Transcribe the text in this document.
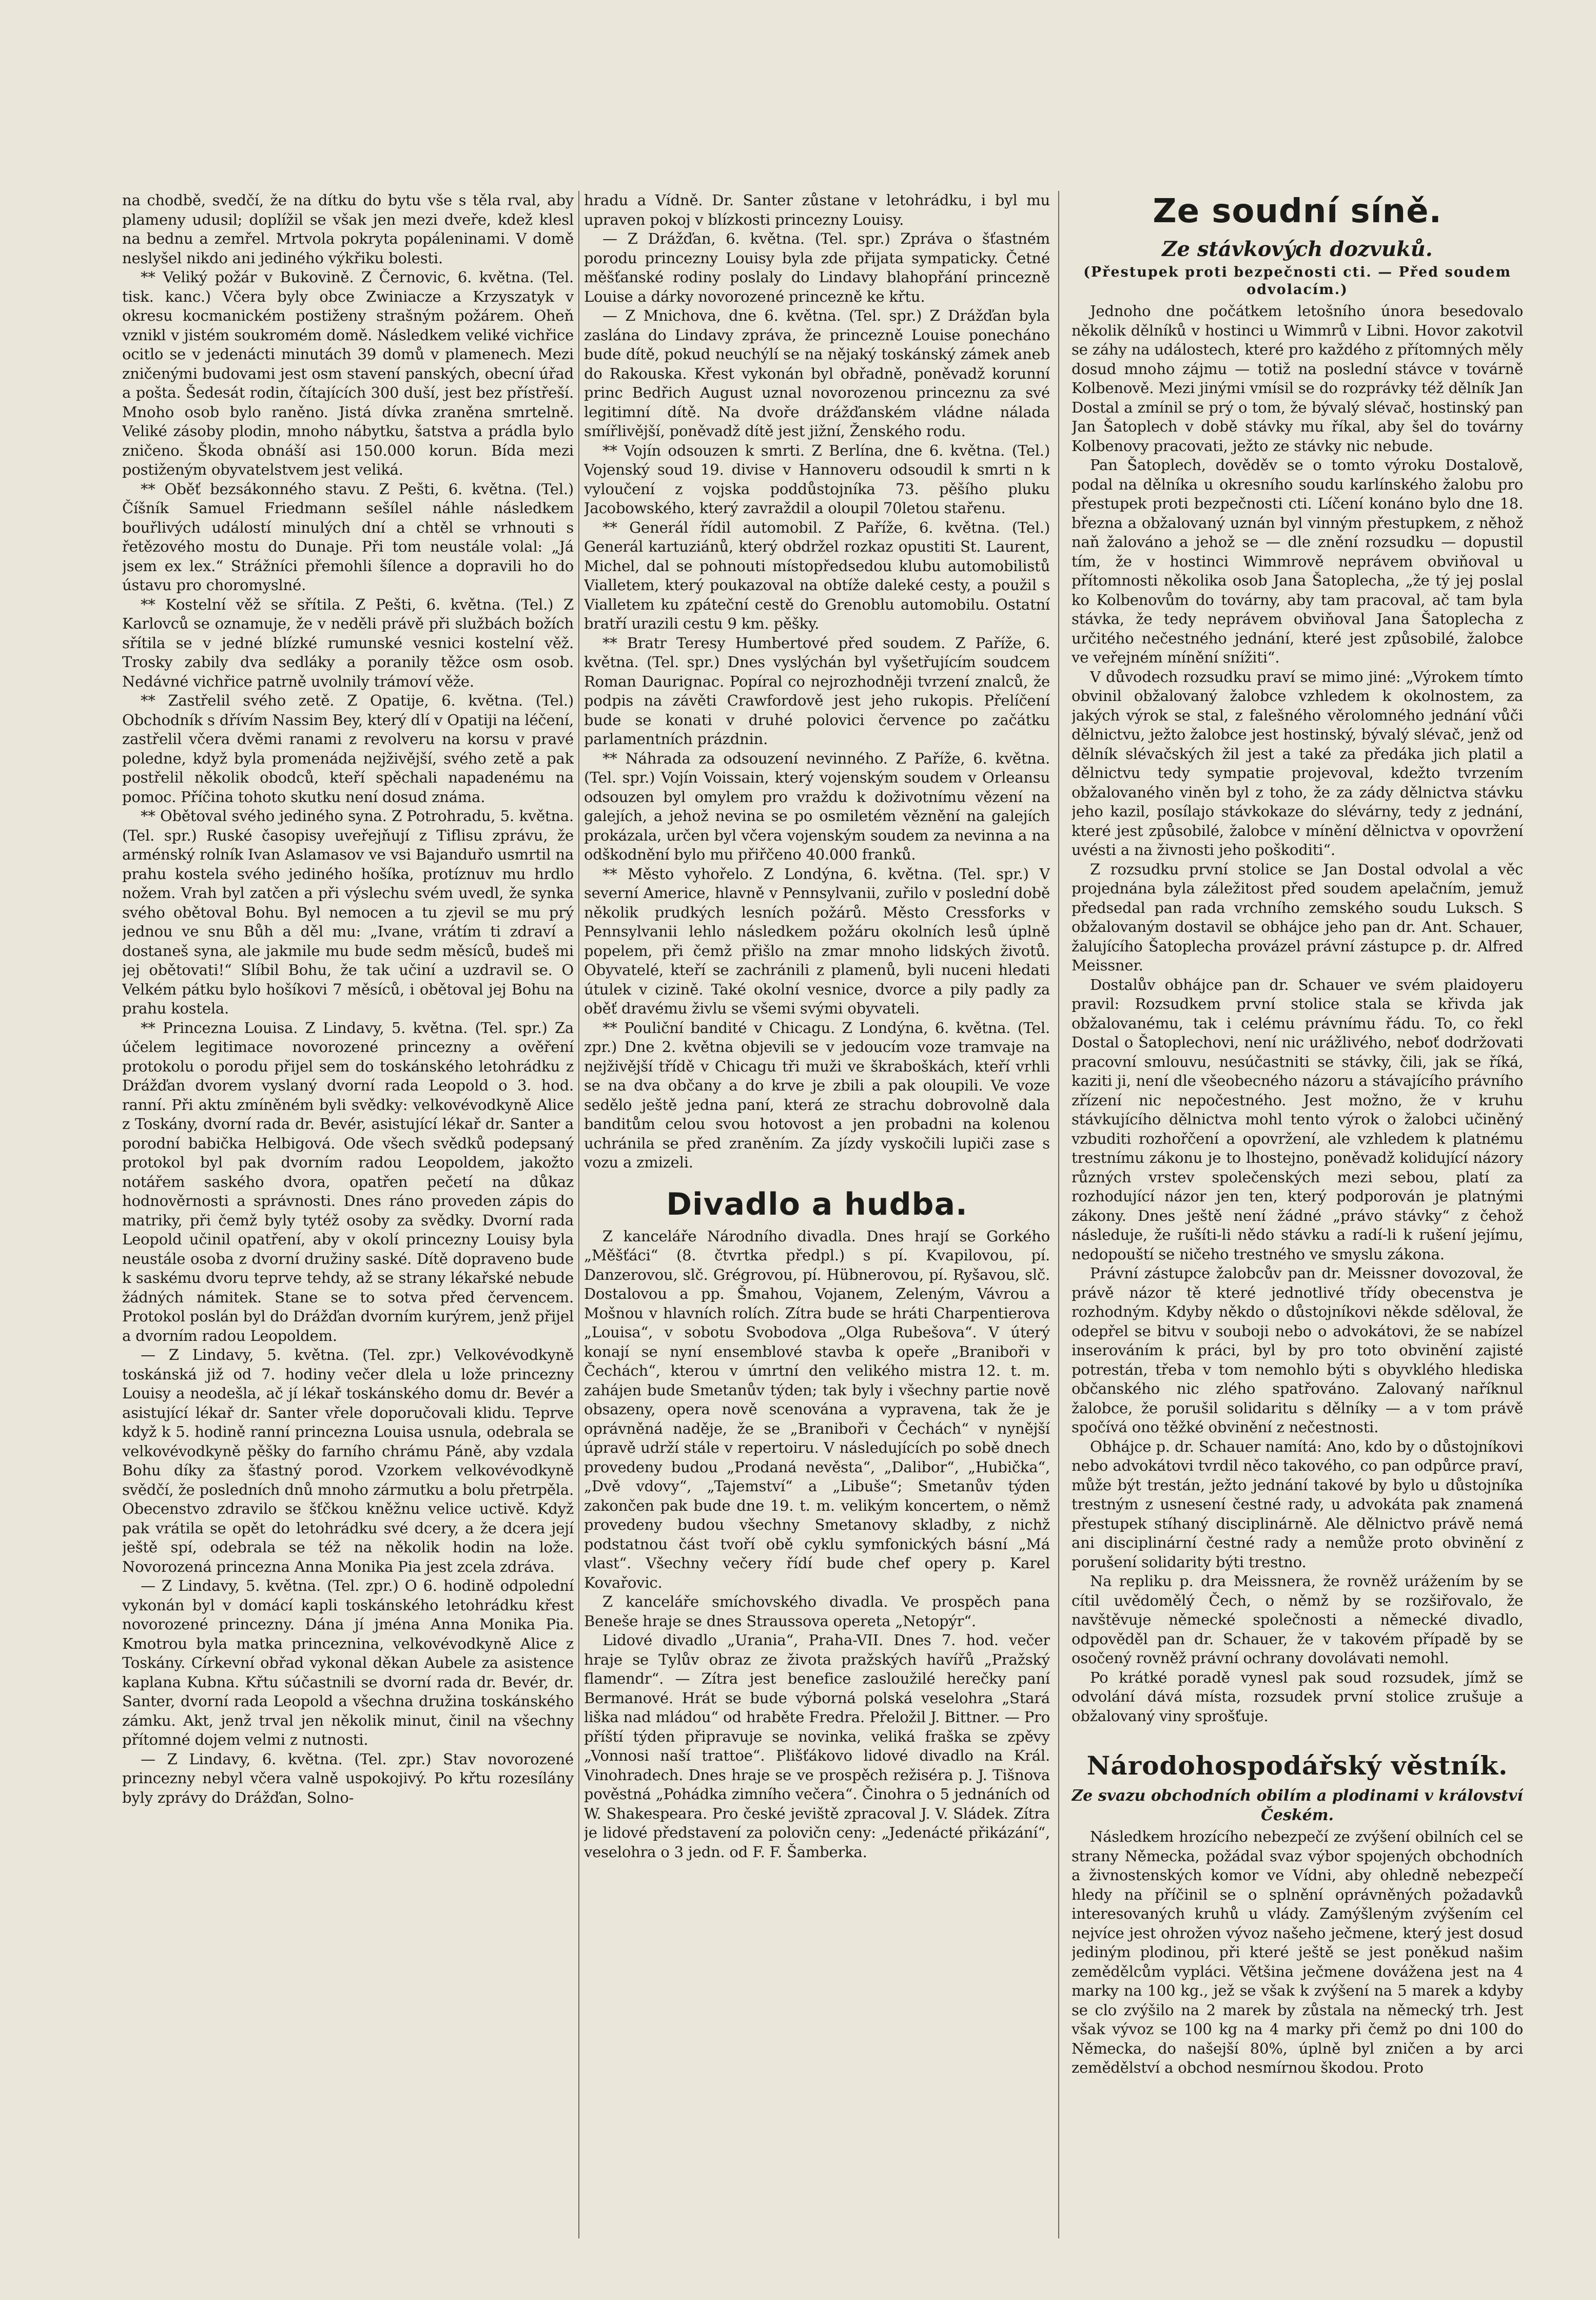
na chodbě, svedčí, že na dítku do bytu vše s těla rval, aby plameny udusil; doplížil se však jen mezi dveře, kdež klesl na bednu a zemřel. Mrtvola pokryta popáleninami. V domě neslyšel nikdo ani jediného výkřiku bolesti.

** Veliký požár v Bukovině. Z Černovic, 6. května. (Tel. tisk. kanc.) Včera byly obce Zwiniacze a Krzyszatyk v okresu kocmanickém postiženy strašným požárem. Oheň vznikl v jistém soukromém domě. Následkem veliké vichřice ocitlo se v jedenácti minutách 39 domů v plamenech. Mezi zničenými budovami jest osm stavení panských, obecní úřad a pošta. Šedesát rodin, čítajících 300 duší, jest bez přístřeší. Mnoho osob bylo raněno. Jistá dívka zraněna smrtelně. Veliké zásoby plodin, mnoho nábytku, šatstva a prádla bylo zničeno. Škoda obnáší asi 150.000 korun. Bída mezi postiženým obyvatelstvem jest veliká.

** Oběť bezsákonného stavu. Z Pešti, 6. května. (Tel.) Číšník Samuel Friedmann sešílel náhle následkem bouřlivých událostí minulých dní a chtěl se vrhnouti s řetězového mostu do Dunaje. Při tom neustále volal: „Já jsem ex lex.“ Strážníci přemohli šílence a dopravili ho do ústavu pro choromyslné.

** Kostelní věž se sřítila. Z Pešti, 6. května. (Tel.) Z Karlovců se oznamuje, že v neděli právě při službách božích sřítila se v jedné blízké rumunské vesnici kostelní věž. Trosky zabily dva sedláky a poranily těžce osm osob. Nedávné vichřice patrně uvolnily trámoví věže.

** Zastřelil svého zetě. Z Opatije, 6. května. (Tel.) Obchodník s dřívím Nassim Bey, který dlí v Opatiji na léčení, zastřelil včera dvěmi ranami z revolveru na korsu v pravé poledne, když byla promenáda nejživější, svého zetě a pak postřelil několik obodců, kteří spěchali napadenému na pomoc. Příčina tohoto skutku není dosud známa.

** Obětoval svého jediného syna. Z Potrohradu, 5. května. (Tel. spr.) Ruské časopisy uveřejňují z Tiflisu zprávu, že arménský rolník Ivan Aslamasov ve vsi Bajanduřo usmrtil na prahu kostela svého jediného hošíka, protíznuv mu hrdlo nožem. Vrah byl zatčen a při výslechu svém uvedl, že synka svého obětoval Bohu. Byl nemocen a tu zjevil se mu prý jednou ve snu Bůh a děl mu: „Ivane, vrátím ti zdraví a dostaneš syna, ale jakmile mu bude sedm měsíců, budeš mi jej obětovati!“ Slíbil Bohu, že tak učiní a uzdravil se. O Velkém pátku bylo hošíkovi 7 měsíců, i obětoval jej Bohu na prahu kostela.

** Princezna Louisa. Z Lindavy, 5. května. (Tel. spr.) Za účelem legitimace novorozené princezny a ověření protokolu o porodu přijel sem do toskánského letohrádku z Drážďan dvorem vyslaný dvorní rada Leopold o 3. hod. ranní. Při aktu zmíněném byli svědky: velkovévodkyně Alice z Toskány, dvorní rada dr. Bevér, asistující lékař dr. Santer a porodní babička Helbigová. Ode všech svědků podepsaný protokol byl pak dvorním radou Leopoldem, jakožto notářem saského dvora, opatřen pečetí na důkaz hodnověrnosti a správnosti. Dnes ráno proveden zápis do matriky, při čemž byly tytéž osoby za svědky. Dvorní rada Leopold učinil opatření, aby v okolí princezny Louisy byla neustále osoba z dvorní družiny saské. Dítě dopraveno bude k saskému dvoru teprve tehdy, až se strany lékařské nebude žádných námitek. Stane se to sotva před červencem. Protokol poslán byl do Drážďan dvorním kurýrem, jenž přijel a dvorním radou Leopoldem.

— Z Lindavy, 5. května. (Tel. zpr.) Velkovévodkyně toskánská již od 7. hodiny večer dlela u lože princezny Louisy a neodešla, ač jí lékař toskánského domu dr. Bevér a asistující lékař dr. Santer vřele doporučovali klidu. Teprve když k 5. hodině ranní princezna Louisa usnula, odebrala se velkovévodkyně pěšky do farního chrámu Páně, aby vzdala Bohu díky za šťastný porod. Vzorkem velkovévodkyně svědčí, že posledních dnů mnoho zármutku a bolu přetrpěla. Obecenstvo zdravilo se šťčkou kněžnu velice uctivě. Když pak vrátila se opět do letohrádku své dcery, a že dcera její ještě spí, odebrala se též na několik hodin na lože. Novorozená princezna Anna Monika Pia jest zcela zdráva.

— Z Lindavy, 5. května. (Tel. zpr.) O 6. hodině odpolední vykonán byl v domácí kapli toskánského letohrádku křest novorozené princezny. Dána jí jména Anna Monika Pia. Kmotrou byla matka princeznina, velkovévodkyně Alice z Toskány. Církevní obřad vykonal děkan Aubele za asistence kaplana Kubna. Křtu súčastnili se dvorní rada dr. Bevér, dr. Santer, dvorní rada Leopold a všechna družina toskánského zámku. Akt, jenž trval jen několik minut, činil na všechny přítomné dojem velmi z nutnosti.

— Z Lindavy, 6. května. (Tel. zpr.) Stav novorozené princezny nebyl včera valně uspokojivý. Po křtu rozesílány byly zprávy do Drážďan, Solno-

hradu a Vídně. Dr. Santer zůstane v letohrádku, i byl mu upraven pokoj v blízkosti princezny Louisy.

— Z Drážďan, 6. května. (Tel. spr.) Zpráva o šťastném porodu princezny Louisy byla zde přijata sympaticky. Četné měšťanské rodiny poslaly do Lindavy blahopřání princezně Louise a dárky novorozené princezně ke křtu.

— Z Mnichova, dne 6. května. (Tel. spr.) Z Drážďan byla zaslána do Lindavy zpráva, že princezně Louise ponecháno bude dítě, pokud neuchýlí se na nějaký toskánský zámek aneb do Rakouska. Křest vykonán byl obřadně, poněvadž korunní princ Bedřich August uznal novorozenou princeznu za své legitimní dítě. Na dvoře drážďanském vládne nálada smířlivější, poněvadž dítě jest jižní, Ženského rodu.

** Vojín odsouzen k smrti. Z Berlína, dne 6. května. (Tel.) Vojenský soud 19. divise v Hannoveru odsoudil k smrti n k vyloučení z vojska poddůstojníka 73. pěšího pluku Jacobowského, který zavraždil a oloupil 70letou stařenu.

** Generál řídil automobil. Z Paříže, 6. května. (Tel.) Generál kartuziánů, který obdržel rozkaz opustiti St. Laurent, Michel, dal se pohnouti místopředsedou klubu automobilistů Vialletem, který poukazoval na obtíže daleké cesty, a použil s Vialletem ku zpáteční cestě do Grenoblu automobilu. Ostatní bratří urazili cestu 9 km. pěšky.

** Bratr Teresy Humbertové před soudem. Z Paříže, 6. května. (Tel. spr.) Dnes vyslýchán byl vyšetřujícím soudcem Roman Daurignac. Popíral co nejrozhodněji tvrzení znalců, že podpis na závěti Crawfordově jest jeho rukopis. Přelíčení bude se konati v druhé polovici července po začátku parlamentních prázdnin.

** Náhrada za odsouzení nevinného. Z Paříže, 6. května. (Tel. spr.) Vojín Voissain, který vojenským soudem v Orleansu odsouzen byl omylem pro vraždu k doživotnímu vězení na galejích, a jehož nevina se po osmiletém věznění na galejích prokázala, určen byl včera vojenským soudem za nevinna a na odškodnění bylo mu přiřčeno 40.000 franků.

** Město vyhořelo. Z Londýna, 6. května. (Tel. spr.) V severní Americe, hlavně v Pennsylvanii, zuřilo v poslední době několik prudkých lesních požárů. Město Cressforks v Pennsylvanii lehlo následkem požáru okolních lesů úplně popelem, při čemž přišlo na zmar mnoho lidských životů. Obyvatelé, kteří se zachránili z plamenů, byli nuceni hledati útulek v cizině. Také okolní vesnice, dvorce a pily padly za oběť dravému živlu se všemi svými obyvateli.

** Pouliční bandité v Chicagu. Z Londýna, 6. května. (Tel. zpr.) Dne 2. května objevili se v jedoucím voze tramvaje na nejživější třídě v Chicagu tři muži ve škraboškách, kteří vrhli se na dva občany a do krve je zbili a pak oloupili. Ve voze sedělo ještě jedna paní, která ze strachu dobrovolně dala banditům celou svou hotovost a jen probadni na kolenou uchránila se před zraněním. Za jízdy vyskočili lupiči zase s vozu a zmizeli.

Divadlo a hudba.

Z kanceláře Národního divadla. Dnes hrají se Gorkého „Měšťáci“ (8. čtvrtka předpl.) s pí. Kvapilovou, pí. Danzerovou, slč. Grégrovou, pí. Hübnerovou, pí. Ryšavou, slč. Dostalovou a pp. Šmahou, Vojanem, Zeleným, Vávrou a Mošnou v hlavních rolích. Zítra bude se hráti Charpentierova „Louisa“, v sobotu Svobodova „Olga Rubešova“. V úterý konají se nyní ensemblové stavba k opeře „Braniboři v Čechách“, kterou v úmrtní den velikého mistra 12. t. m. zahájen bude Smetanův týden; tak byly i všechny partie nově obsazeny, opera nově scenována a vypravena, tak že je oprávněná naděje, že se „Braniboři v Čechách“ v nynější úpravě udrží stále v repertoiru. V následujících po sobě dnech provedeny budou „Prodaná nevěsta“, „Dalibor“, „Hubička“, „Dvě vdovy“, „Tajemství“ a „Libuše“; Smetanův týden zakončen pak bude dne 19. t. m. velikým koncertem, o němž provedeny budou všechny Smetanovy skladby, z nichž podstatnou část tvoří obě cyklu symfonických básní „Má vlast“. Všechny večery řídí bude chef opery p. Karel Kovařovic.

Z kanceláře smíchovského divadla. Ve prospěch pana Beneše hraje se dnes Straussova opereta „Netopýr“.

Lidové divadlo „Urania“, Praha-VII. Dnes 7. hod. večer hraje se Tylův obraz ze života pražských havířů „Pražský flamendr“. — Zítra jest benefice zasloužilé herečky paní Bermanové. Hrát se bude výborná polská veselohra „Stará liška nad mládou“ od hraběte Fredra. Přeložil J. Bittner. — Pro příští týden připravuje se novinka, veliká fraška se zpěvy „Vonnosi naší trattoe“. Plišťákovo lidové divadlo na Král. Vinohradech. Dnes hraje se ve prospěch režiséra p. J. Tišnova pověstná „Pohádka zimního večera“. Činohra o 5 jednáních od W. Shakespeara. Pro české jeviště zpracoval J. V. Sládek. Zítra je lidové představení za polovičn ceny: „Jedenácté přikázání“, veselohra o 3 jedn. od F. F. Šamberka.

Ze soudní síně.
Ze stávkových dozvuků.
(Přestupek proti bezpečnosti cti. — Před soudem odvolacím.)

Jednoho dne počátkem letošního února besedovalo několik dělníků v hostinci u Wimmrů v Libni. Hovor zakotvil se záhy na událostech, které pro každého z přítomných měly dosud mnoho zájmu — totiž na poslední stávce v továrně Kolbenově. Mezi jinými vmísil se do rozprávky též dělník Jan Dostal a zmínil se prý o tom, že bývalý slévač, hostinský pan Jan Šatoplech v době stávky mu říkal, aby šel do továrny Kolbenovy pracovati, ježto ze stávky nic nebude.

Pan Šatoplech, dověděv se o tomto výroku Dostalově, podal na dělníka u okresního soudu karlínského žalobu pro přestupek proti bezpečnosti cti. Líčení konáno bylo dne 18. března a obžalovaný uznán byl vinným přestupkem, z něhož naň žalováno a jehož se — dle znění rozsudku — dopustil tím, že v hostinci Wimmrově neprávem obviňoval u přítomnosti několika osob Jana Šatoplecha, „že tý jej poslal ko Kolbenovům do továrny, aby tam pracoval, ač tam byla stávka, že tedy neprávem obviňoval Jana Šatoplecha z určitého nečestného jednání, které jest způsobilé, žalobce ve veřejném mínění snížiti“.

V důvodech rozsudku praví se mimo jiné: „Výrokem tímto obvinil obžalovaný žalobce vzhledem k okolnostem, za jakých výrok se stal, z falešného věrolomného jednání vůči dělnictvu, ježto žalobce jest hostinský, bývalý slévač, jenž od dělník slévačských žil jest a také za předáka jich platil a dělnictvu tedy sympatie projevoval, kdežto tvrzením obžalovaného viněn byl z toho, že za zády dělnictva stávku jeho kazil, posílajo stávkokaze do slévárny, tedy z jednání, které jest způsobilé, žalobce v mínění dělnictva v opovržení uvésti a na živnosti jeho poškoditi“.

Z rozsudku první stolice se Jan Dostal odvolal a věc projednána byla záležitost před soudem apelačním, jemuž předsedal pan rada vrchního zemského soudu Luksch. S obžalovaným dostavil se obhájce jeho pan dr. Ant. Schauer, žalujícího Šatoplecha provázel právní zástupce p. dr. Alfred Meissner.

Dostalův obhájce pan dr. Schauer ve svém plaidoyeru pravil: Rozsudkem první stolice stala se křivda jak obžalovanému, tak i celému právnímu řádu. To, co řekl Dostal o Šatoplechovi, není nic urážlivého, neboť dodržovati pracovní smlouvu, nesúčastniti se stávky, čili, jak se říká, kaziti ji, není dle všeobecného názoru a stávajícího právního zřízení nic nepočestného. Jest možno, že v kruhu stávkujícího dělnictva mohl tento výrok o žalobci učiněný vzbuditi rozhořčení a opovržení, ale vzhledem k platnému trestnímu zákonu je to lhostejno, poněvadž kolidující názory různých vrstev společenských mezi sebou, platí za rozhodující názor jen ten, který podporován je platnými zákony. Dnes ještě není žádné „právo stávky“ z čehož následuje, že rušíti-li nědo stávku a radí-li k rušení jejímu, nedopouští se ničeho trestného ve smyslu zákona.

Právní zástupce žalobcův pan dr. Meissner dovozoval, že právě názor tě které jednotlivé třídy obecenstva je rozhodným. Kdyby někdo o důstojníkovi někde sděloval, že odepřel se bitvu v souboji nebo o advokátovi, že se nabízel inserováním k práci, byl by pro toto obvinění zajisté potrestán, třeba v tom nemohlo býti s obyvklého hlediska občanského nic zlého spatřováno. Zalovaný naříknul žalobce, že porušil solidaritu s dělníky — a v tom právě spočívá ono těžké obvinění z nečestnosti.

Obhájce p. dr. Schauer namítá: Ano, kdo by o důstojníkovi nebo advokátovi tvrdil něco takového, co pan odpůrce praví, může být trestán, ježto jednání takové by bylo u důstojníka trestným z usnesení čestné rady, u advokáta pak znamená přestupek stíhaný disciplinárně. Ale dělnictvo právě nemá ani disciplinární čestné rady a nemůže proto obvinění z porušení solidarity býti trestno.

Na repliku p. dra Meissnera, že rovněž urážením by se cítil uvědomělý Čech, o němž by se rozšiřovalo, že navštěvuje německé společnosti a německé divadlo, odpověděl pan dr. Schauer, že v takovém případě by se osočený rovněž právní ochrany dovolávati nemohl.

Po krátké poradě vynesl pak soud rozsudek, jímž se odvolání dává místa, rozsudek první stolice zrušuje a obžalovaný viny sprošťuje.

Národohospodářský věstník.
Ze svazu obchodních obilím a plodinami v království Českém.

Následkem hrozícího nebezpečí ze zvýšení obilních cel se strany Německa, požádal svaz výbor spojených obchodních a živnostenských komor ve Vídni, aby ohledně nebezpečí hledy na příčinil se o splnění oprávněných požadavků interesovaných kruhů u vlády. Zamýšleným zvýšením cel nejvíce jest ohrožen vývoz našeho ječmene, který jest dosud jediným plodinou, při které ještě se jest poněkud našim zemědělcům vypláci. Většina ječmene dovážena jest na 4 marky na 100 kg., jež se však k zvýšení na 5 marek a kdyby se clo zvýšilo na 2 marek by zůstala na německý trh. Jest však vývoz se 100 kg na 4 marky při čemž po dni 100 do Německa, do našejší 80%, úplně byl zničen a by arci zemědělství a obchod nesmírnou škodou. Proto
